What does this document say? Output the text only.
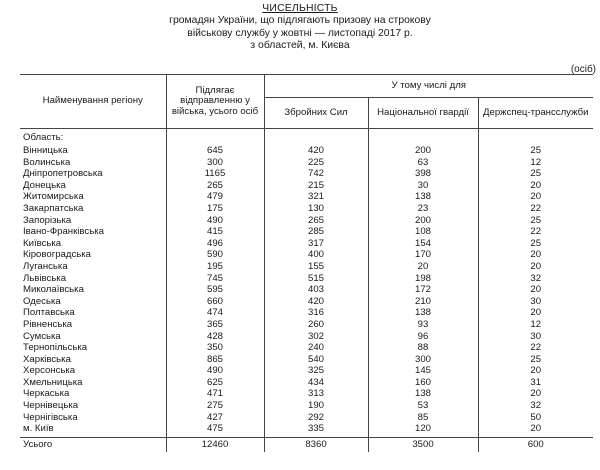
ЧИСЕЛЬНІСТЬ
громадян України, що підлягають призову на строкову
військову службу у жовтні — листопаді 2017 р.
з областей, м. Києва
(осіб)
Найменування регіону	Підлягає відправленню у війська, усього осіб	У тому числі для		
		Збройних Сил	Національної гвардії	Держспец-трансслужби
Область:				
Вінницька	645	420	200	25
Волинська	300	225	63	12
Дніпропетровська	1165	742	398	25
Донецька	265	215	30	20
Житомирська	479	321	138	20
Закарпатська	175	130	23	22
Запорізька	490	265	200	25
Івано-Франківська	415	285	108	22
Київська	496	317	154	25
Кіровоградська	590	400	170	20
Луганська	195	155	20	20
Львівська	745	515	198	32
Миколаївська	595	403	172	20
Одеська	660	420	210	30
Полтавська	474	316	138	20
Рівненська	365	260	93	12
Сумська	428	302	96	30
Тернопільська	350	240	88	22
Харківська	865	540	300	25
Херсонська	490	325	145	20
Хмельницька	625	434	160	31
Черкаська	471	313	138	20
Чернівецька	275	190	53	32
Чернігівська	427	292	85	50
м. Київ	475	335	120	20
Усього	12460	8360	3500	600
